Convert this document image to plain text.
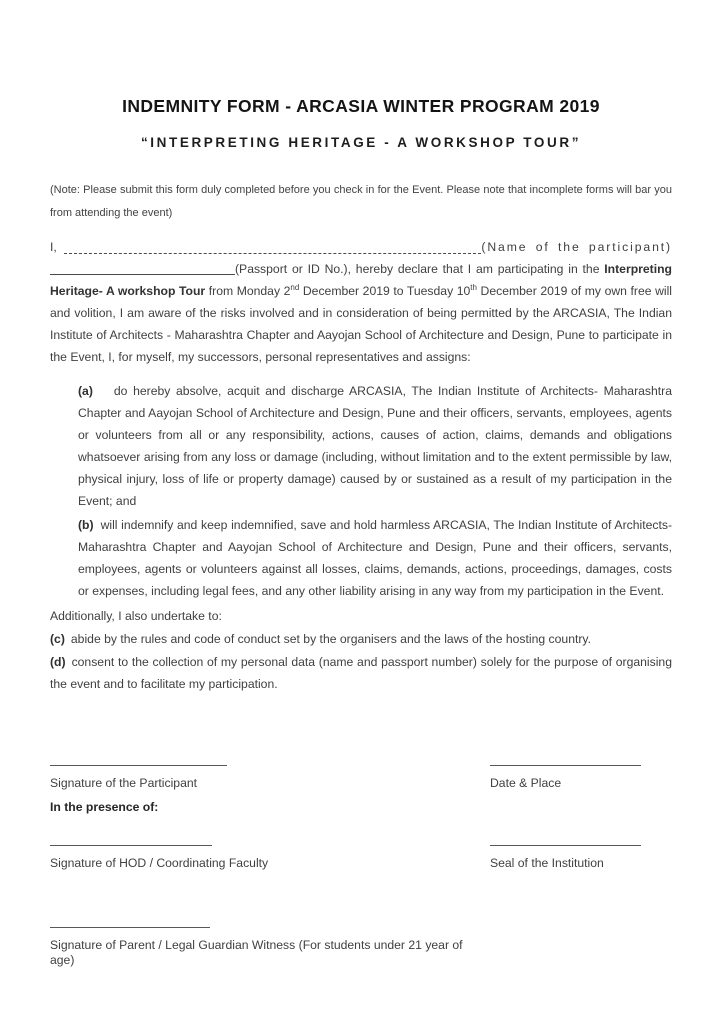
INDEMNITY FORM - ARCASIA WINTER PROGRAM 2019
“INTERPRETING HERITAGE - A WORKSHOP TOUR”

(Note: Please submit this form duly completed before you check in for the Event. Please note that incomplete forms will bar you from attending the event)

I,	(Name of the participant)

(Passport or ID No.), hereby declare that I am participating in the Interpreting Heritage- A workshop Tour from Monday 2nd December 2019 to Tuesday 10th December 2019 of my own free will and volition, I am aware of the risks involved and in consideration of being permitted by the ARCASIA, The Indian Institute of Architects - Maharashtra Chapter and Aayojan School of Architecture and Design, Pune to participate in the Event, I, for myself, my successors, personal representatives and assigns:

(a) do hereby absolve, acquit and discharge ARCASIA, The Indian Institute of Architects- Maharashtra Chapter and Aayojan School of Architecture and Design, Pune and their officers, servants, employees, agents or volunteers from all or any responsibility, actions, causes of action, claims, demands and obligations whatsoever arising from any loss or damage (including, without limitation and to the extent permissible by law, physical injury, loss of life or property damage) caused by or sustained as a result of my participation in the Event; and

(b) will indemnify and keep indemnified, save and hold harmless ARCASIA, The Indian Institute of Architects- Maharashtra Chapter and Aayojan School of Architecture and Design, Pune and their officers, servants, employees, agents or volunteers against all losses, claims, demands, actions, proceedings, damages, costs or expenses, including legal fees, and any other liability arising in any way from my participation in the Event.

Additionally, I also undertake to:

(c) abide by the rules and code of conduct set by the organisers and the laws of the hosting country.

(d) consent to the collection of my personal data (name and passport number) solely for the purpose of organising the event and to facilitate my participation.

Signature of the Participant
In the presence of:
Date & Place
Signature of HOD / Coordinating Faculty	Seal of the Institution
Signature of Parent / Legal Guardian Witness (For students under 21 year of age)
